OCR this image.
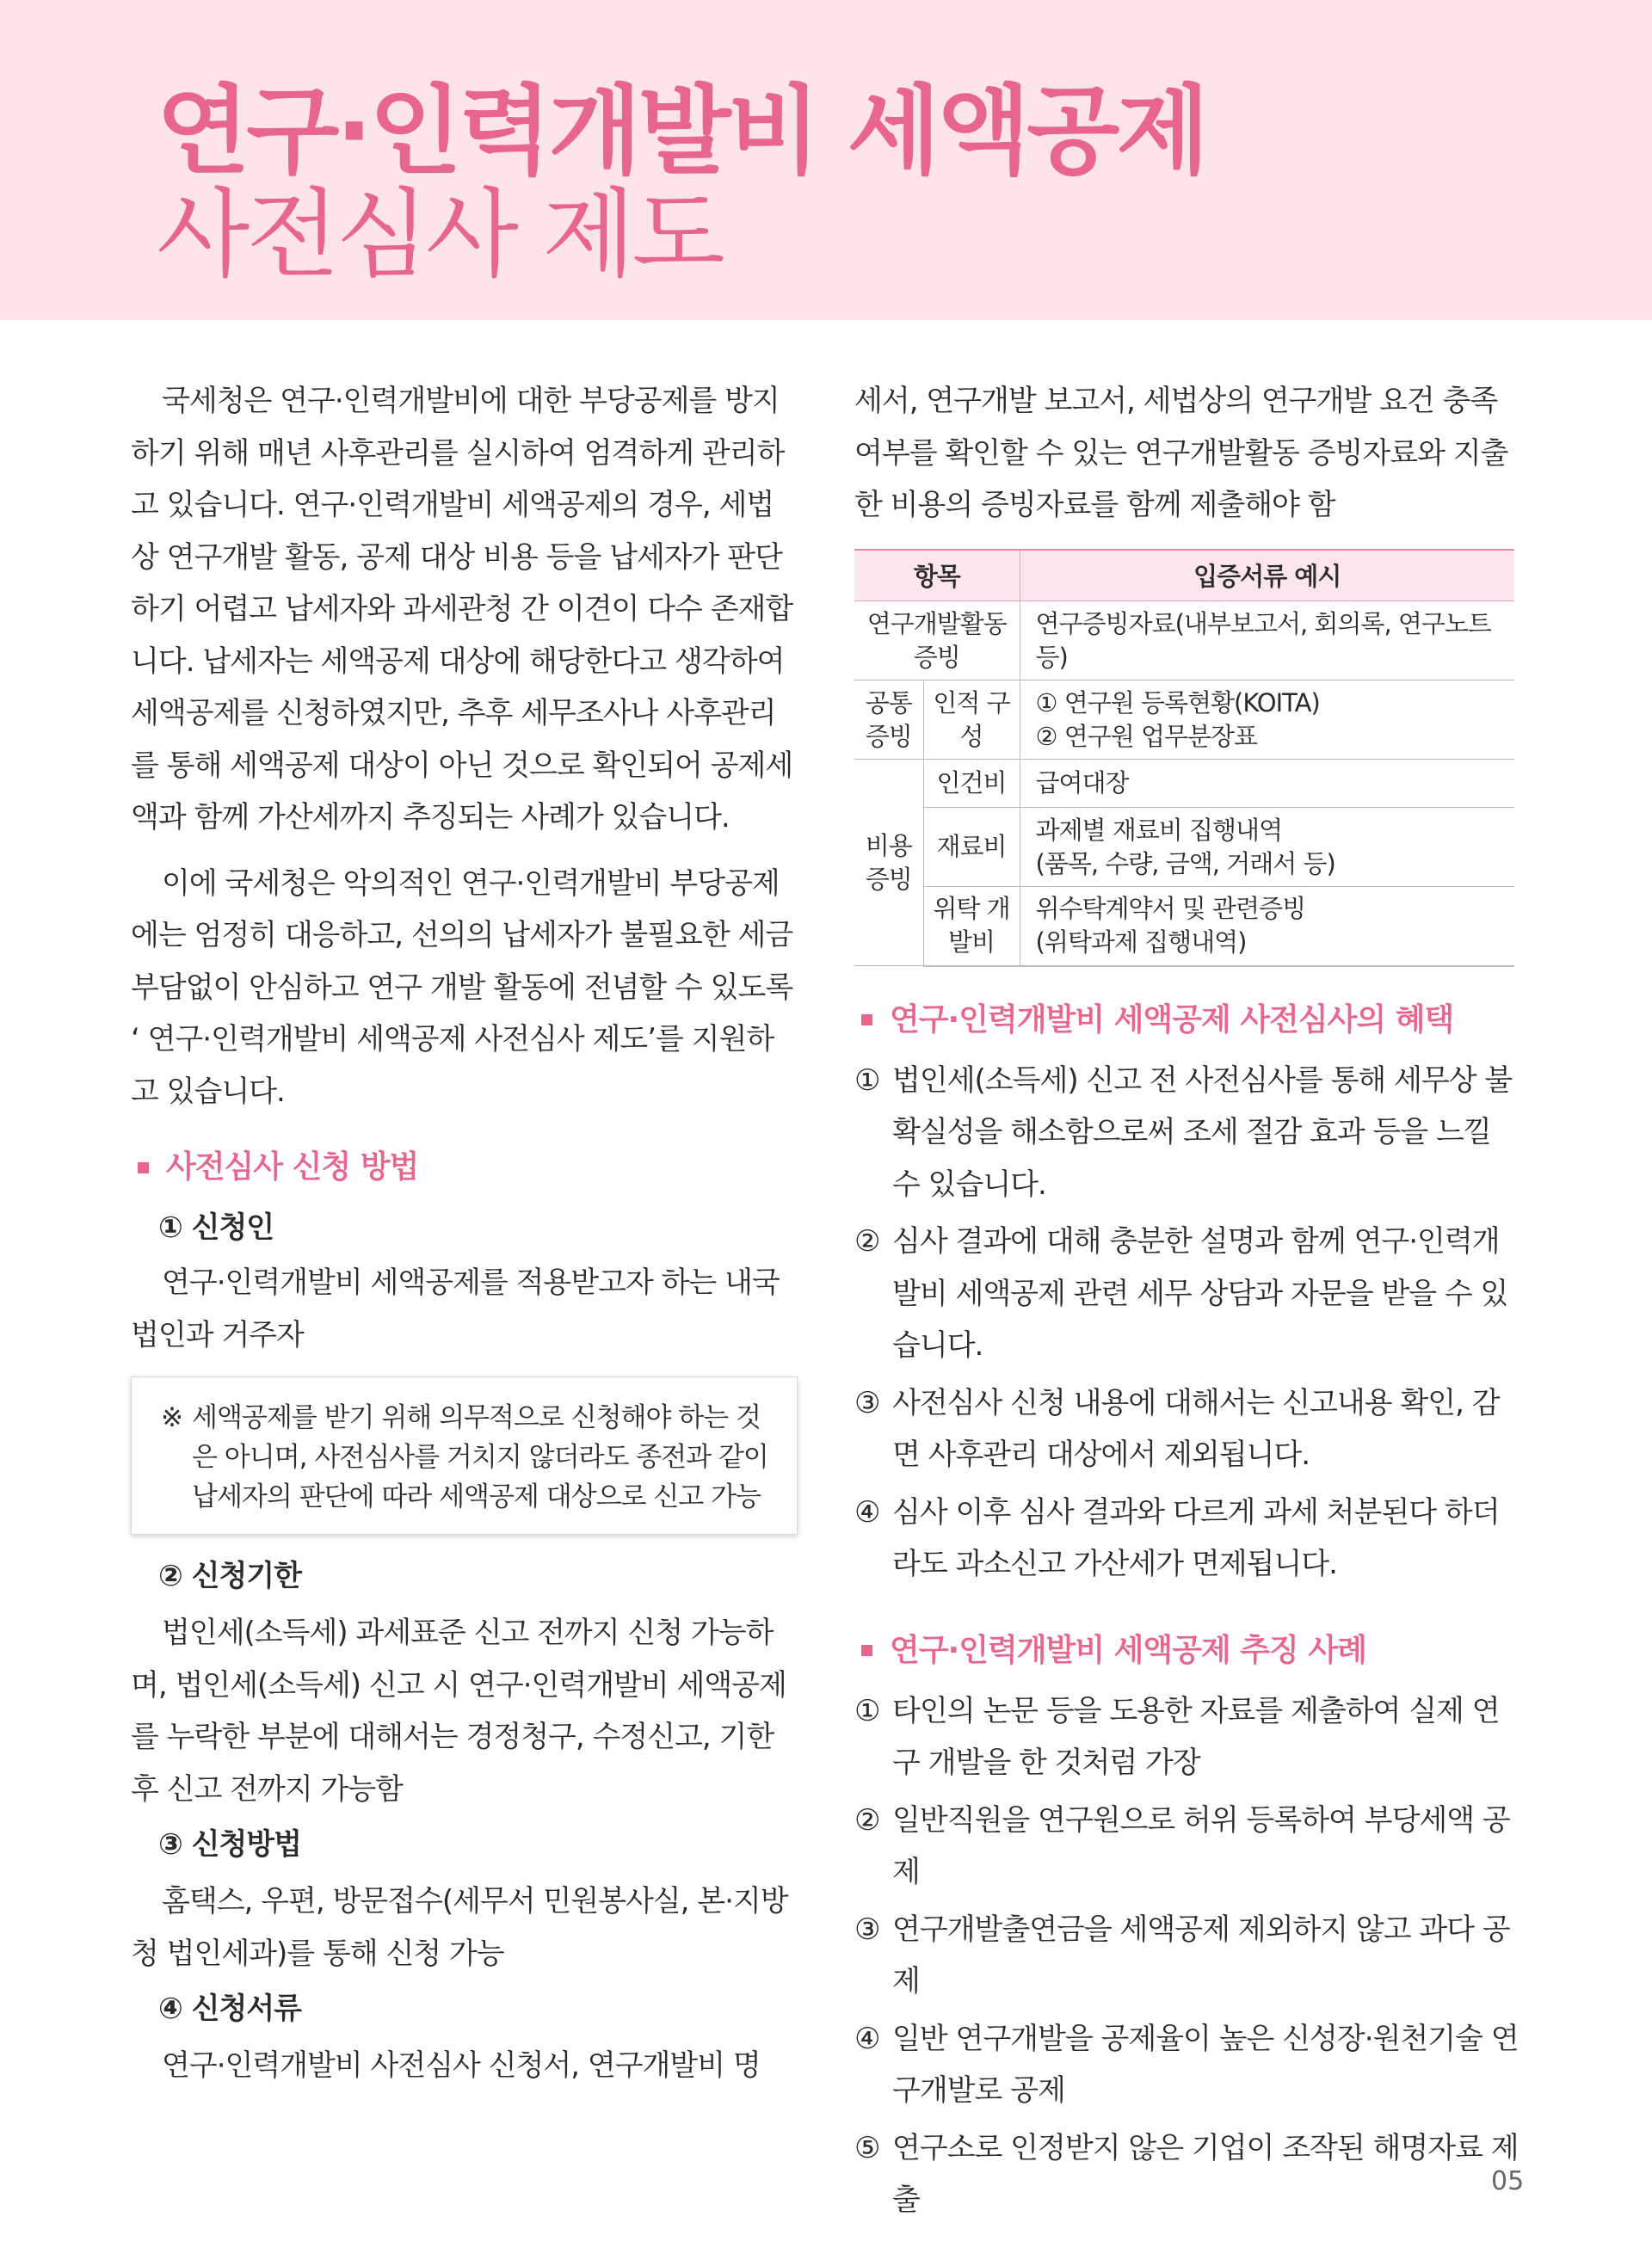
연구·인력개발비 세액공제
사전심사 제도

국세청은 연구·인력개발비에 대한 부당공제를 방지하기 위해 매년 사후관리를 실시하여 엄격하게 관리하고 있습니다. 연구·인력개발비 세액공제의 경우, 세법상 연구개발 활동, 공제 대상 비용 등을 납세자가 판단하기 어렵고 납세자와 과세관청 간 이견이 다수 존재합니다. 납세자는 세액공제 대상에 해당한다고 생각하여 세액공제를 신청하였지만, 추후 세무조사나 사후관리를 통해 세액공제 대상이 아닌 것으로 확인되어 공제세액과 함께 가산세까지 추징되는 사례가 있습니다.

이에 국세청은 악의적인 연구·인력개발비 부당공제에는 엄정히 대응하고, 선의의 납세자가 불필요한 세금 부담없이 안심하고 연구 개발 활동에 전념할 수 있도록 ‘ 연구·인력개발비 세액공제 사전심사 제도’를 지원하고 있습니다.

사전심사 신청 방법
① 신청인

연구·인력개발비 세액공제를 적용받고자 하는 내국법인과 거주자

※ 세액공제를 받기 위해 의무적으로 신청해야 하는 것은 아니며, 사전심사를 거치지 않더라도 종전과 같이 납세자의 판단에 따라 세액공제 대상으로 신고 가능
② 신청기한

법인세(소득세) 과세표준 신고 전까지 신청 가능하며, 법인세(소득세) 신고 시 연구·인력개발비 세액공제를 누락한 부분에 대해서는 경정청구, 수정신고, 기한 후 신고 전까지 가능함

③ 신청방법

홈택스, 우편, 방문접수(세무서 민원봉사실, 본·지방청 법인세과)를 통해 신청 가능

④ 신청서류

연구·인력개발비 사전심사 신청서, 연구개발비 명

세서, 연구개발 보고서, 세법상의 연구개발 요건 충족여부를 확인할 수 있는 연구개발활동 증빙자료와 지출한 비용의 증빙자료를 함께 제출해야 함

항목		입증서류 예시
연구개발활동 증빙		연구증빙자료(내부보고서, 회의록, 연구노트 등)
공통 증빙	인적 구성	① 연구원 등록현황(KOITA)
② 연구원 업무분장표

비용 증빙	인건비	급여대장
	재료비	과제별 재료비 집행내역
(품목, 수량, 금액, 거래서 등)

	위탁 개발비	위수탁계약서 및 관련증빙
(위탁과제 집행내역)
연구·인력개발비 세액공제 사전심사의 혜택
① 법인세(소득세) 신고 전 사전심사를 통해 세무상 불확실성을 해소함으로써 조세 절감 효과 등을 느낄 수 있습니다.
② 심사 결과에 대해 충분한 설명과 함께 연구·인력개발비 세액공제 관련 세무 상담과 자문을 받을 수 있습니다.
③ 사전심사 신청 내용에 대해서는 신고내용 확인, 감면 사후관리 대상에서 제외됩니다.
④ 심사 이후 심사 결과와 다르게 과세 처분된다 하더라도 과소신고 가산세가 면제됩니다.
연구·인력개발비 세액공제 추징 사례
① 타인의 논문 등을 도용한 자료를 제출하여 실제 연구 개발을 한 것처럼 가장
② 일반직원을 연구원으로 허위 등록하여 부당세액 공제
③ 연구개발출연금을 세액공제 제외하지 않고 과다 공제
④ 일반 연구개발을 공제율이 높은 신성장·원천기술 연구개발로 공제
⑤ 연구소로 인정받지 않은 기업이 조작된 해명자료 제출
05
